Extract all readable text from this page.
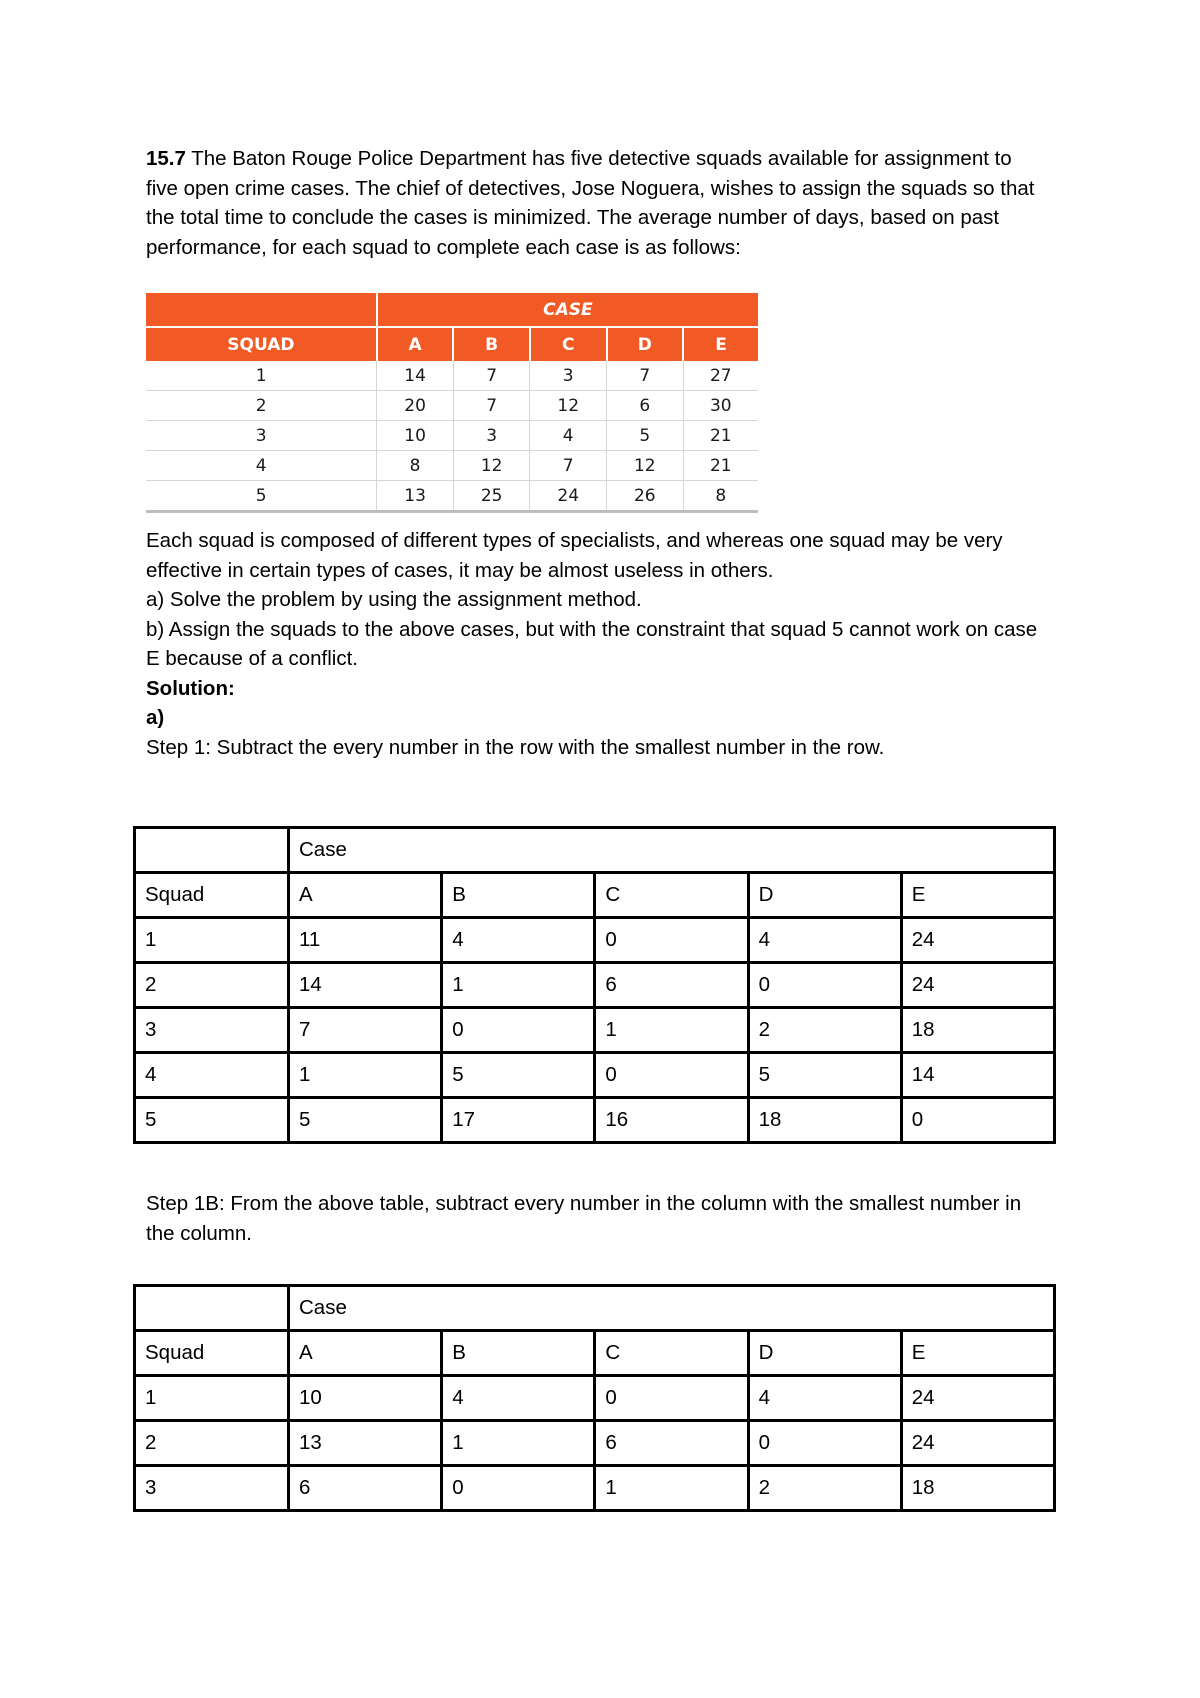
15.7 The Baton Rouge Police Department has five detective squads available for assignment to five open crime cases. The chief of detectives, Jose Noguera, wishes to assign the squads so that the total time to conclude the cases is minimized. The average number of days, based on past performance, for each squad to complete each case is as follows:

	CASE				
SQUAD	A	B	C	D	E
1	14	7	3	7	27
2	20	7	12	6	30
3	10	3	4	5	21
4	8	12	7	12	21
5	13	25	24	26	8

Each squad is composed of different types of specialists, and whereas one squad may be very effective in certain types of cases, it may be almost useless in others.

a) Solve the problem by using the assignment method.

b) Assign the squads to the above cases, but with the constraint that squad 5 cannot work on case E because of a conflict.

Solution:

a)

Step 1: Subtract the every number in the row with the smallest number in the row.

	Case				
Squad	A	B	C	D	E
1	11	4	0	4	24
2	14	1	6	0	24
3	7	0	1	2	18
4	1	5	0	5	14
5	5	17	16	18	0

Step 1B: From the above table, subtract every number in the column with the smallest number in the column.

	Case				
Squad	A	B	C	D	E
1	10	4	0	4	24
2	13	1	6	0	24
3	6	0	1	2	18
